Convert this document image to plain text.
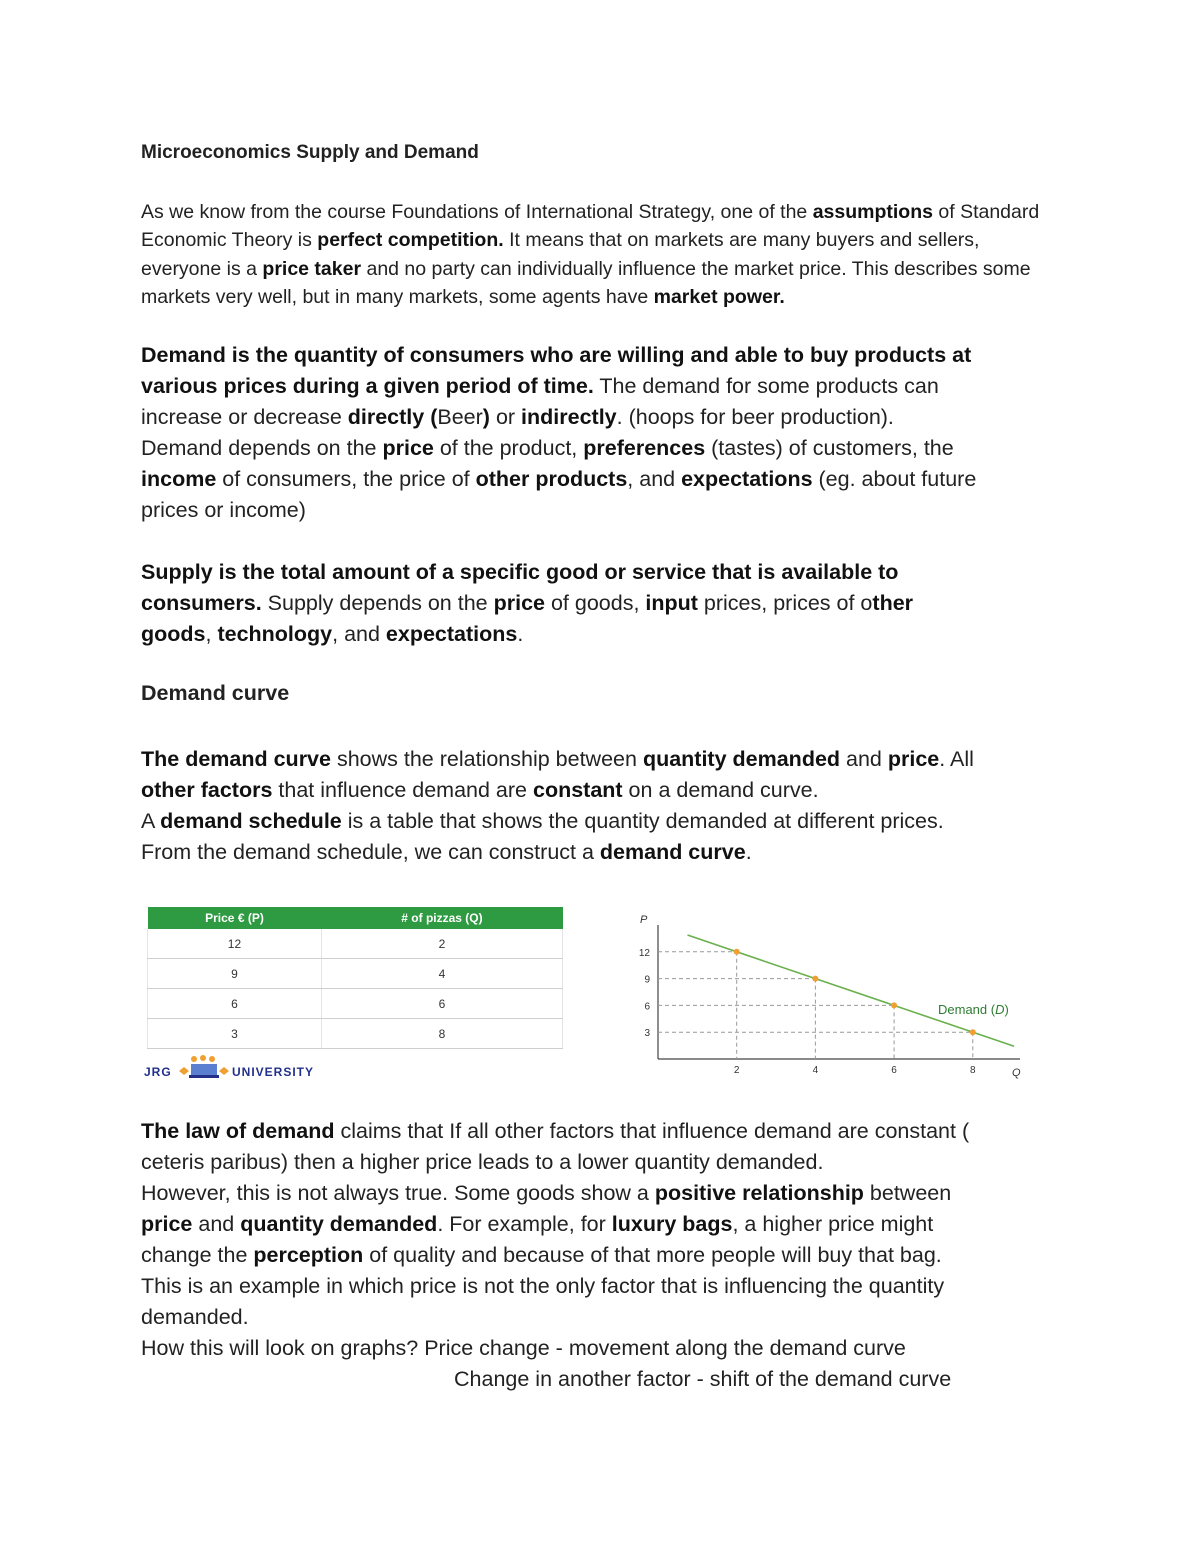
Microeconomics Supply and Demand

As we know from the course Foundations of International Strategy, one of the assumptions of Standard Economic Theory is perfect competition. It means that on markets are many buyers and sellers, everyone is a price taker and no party can individually influence the market price. This describes some markets very well, but in many markets, some agents have market power.

Demand is the quantity of consumers who are willing and able to buy products at
various prices during a given period of time. The demand for some products can
increase or decrease directly (Beer) or indirectly. (hoops for beer production).
Demand depends on the price of the product, preferences (tastes) of customers, the
income of consumers, the price of other products, and expectations (eg. about future
prices or income)

Supply is the total amount of a specific good or service that is available to
consumers. Supply depends on the price of goods, input prices, prices of other
goods, technology, and expectations.

Demand curve

The demand curve shows the relationship between quantity demanded and price. All
other factors that influence demand are constant on a demand curve.
A demand schedule is a table that shows the quantity demanded at different prices.
From the demand schedule, we can construct a demand curve.

Price € (P)	# of pizzas (Q)
12	2
9	4
6	6
3	8
JRG	UNIVERSITY
P
Q
2	4	6	8
12
9
6
3
Demand (D)

The law of demand claims that If all other factors that influence demand are constant (
ceteris paribus) then a higher price leads to a lower quantity demanded.
However, this is not always true. Some goods show a positive relationship between
price and quantity demanded. For example, for luxury bags, a higher price might
change the perception of quality and because of that more people will buy that bag.
This is an example in which price is not the only factor that is influencing the quantity
demanded.
How this will look on graphs? Price change - movement along the demand curve
Change in another factor - shift of the demand curve
